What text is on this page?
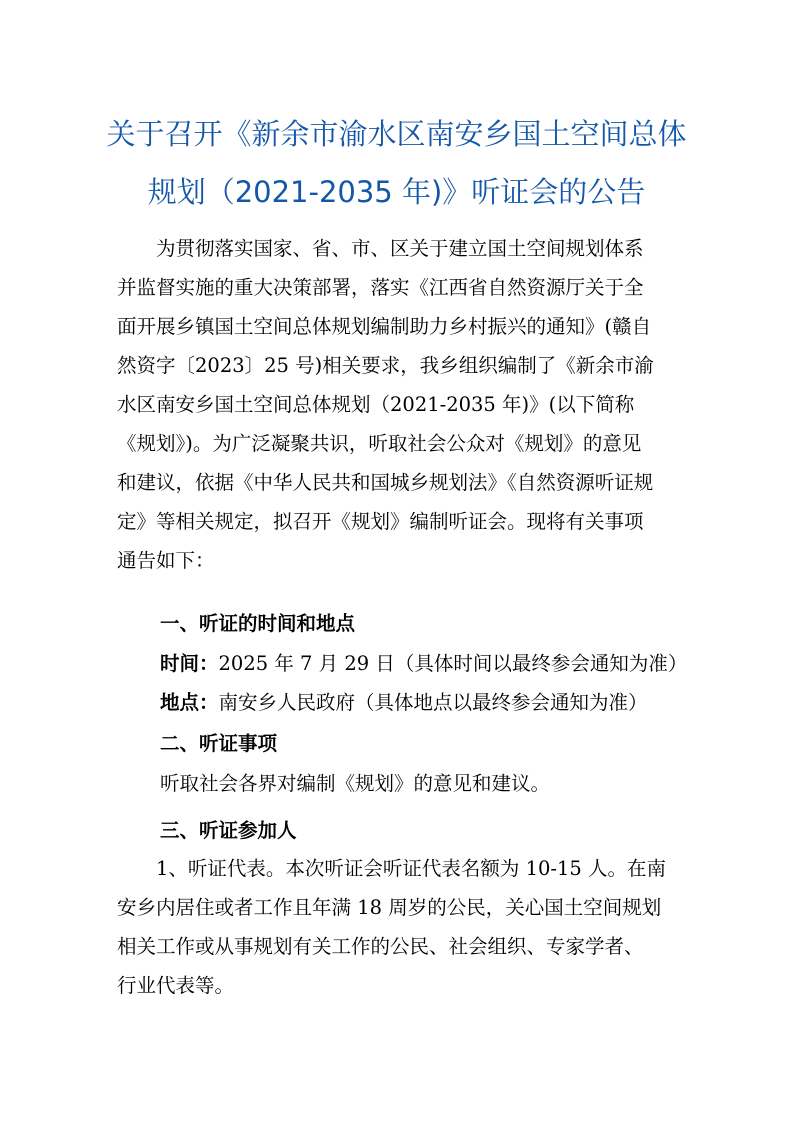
关于召开《新余市渝水区南安乡国土空间总体
规划（2021-2035 年)》听证会的公告
　　为贯彻落实国家、省、市、区关于建立国土空间规划体系
并监督实施的重大决策部署，落实《江西省自然资源厅关于全
面开展乡镇国土空间总体规划编制助力乡村振兴的通知》(赣自
然资字〔2023〕25 号)相关要求，我乡组织编制了《新余市渝
水区南安乡国土空间总体规划（2021-2035 年)》(以下简称
《规划》)。为广泛凝聚共识，听取社会公众对《规划》的意见
和建议，依据《中华人民共和国城乡规划法》《自然资源听证规
定》等相关规定，拟召开《规划》编制听证会。现将有关事项
通告如下：
一、听证的时间和地点
时间：2025 年 7 月 29 日（具体时间以最终参会通知为准）
地点：南安乡人民政府（具体地点以最终参会通知为准）
二、听证事项
听取社会各界对编制《规划》的意见和建议。
三、听证参加人
　　1、听证代表。本次听证会听证代表名额为 10-15 人。在南
安乡内居住或者工作且年满 18 周岁的公民，关心国土空间规划
相关工作或从事规划有关工作的公民、社会组织、专家学者、
行业代表等。
